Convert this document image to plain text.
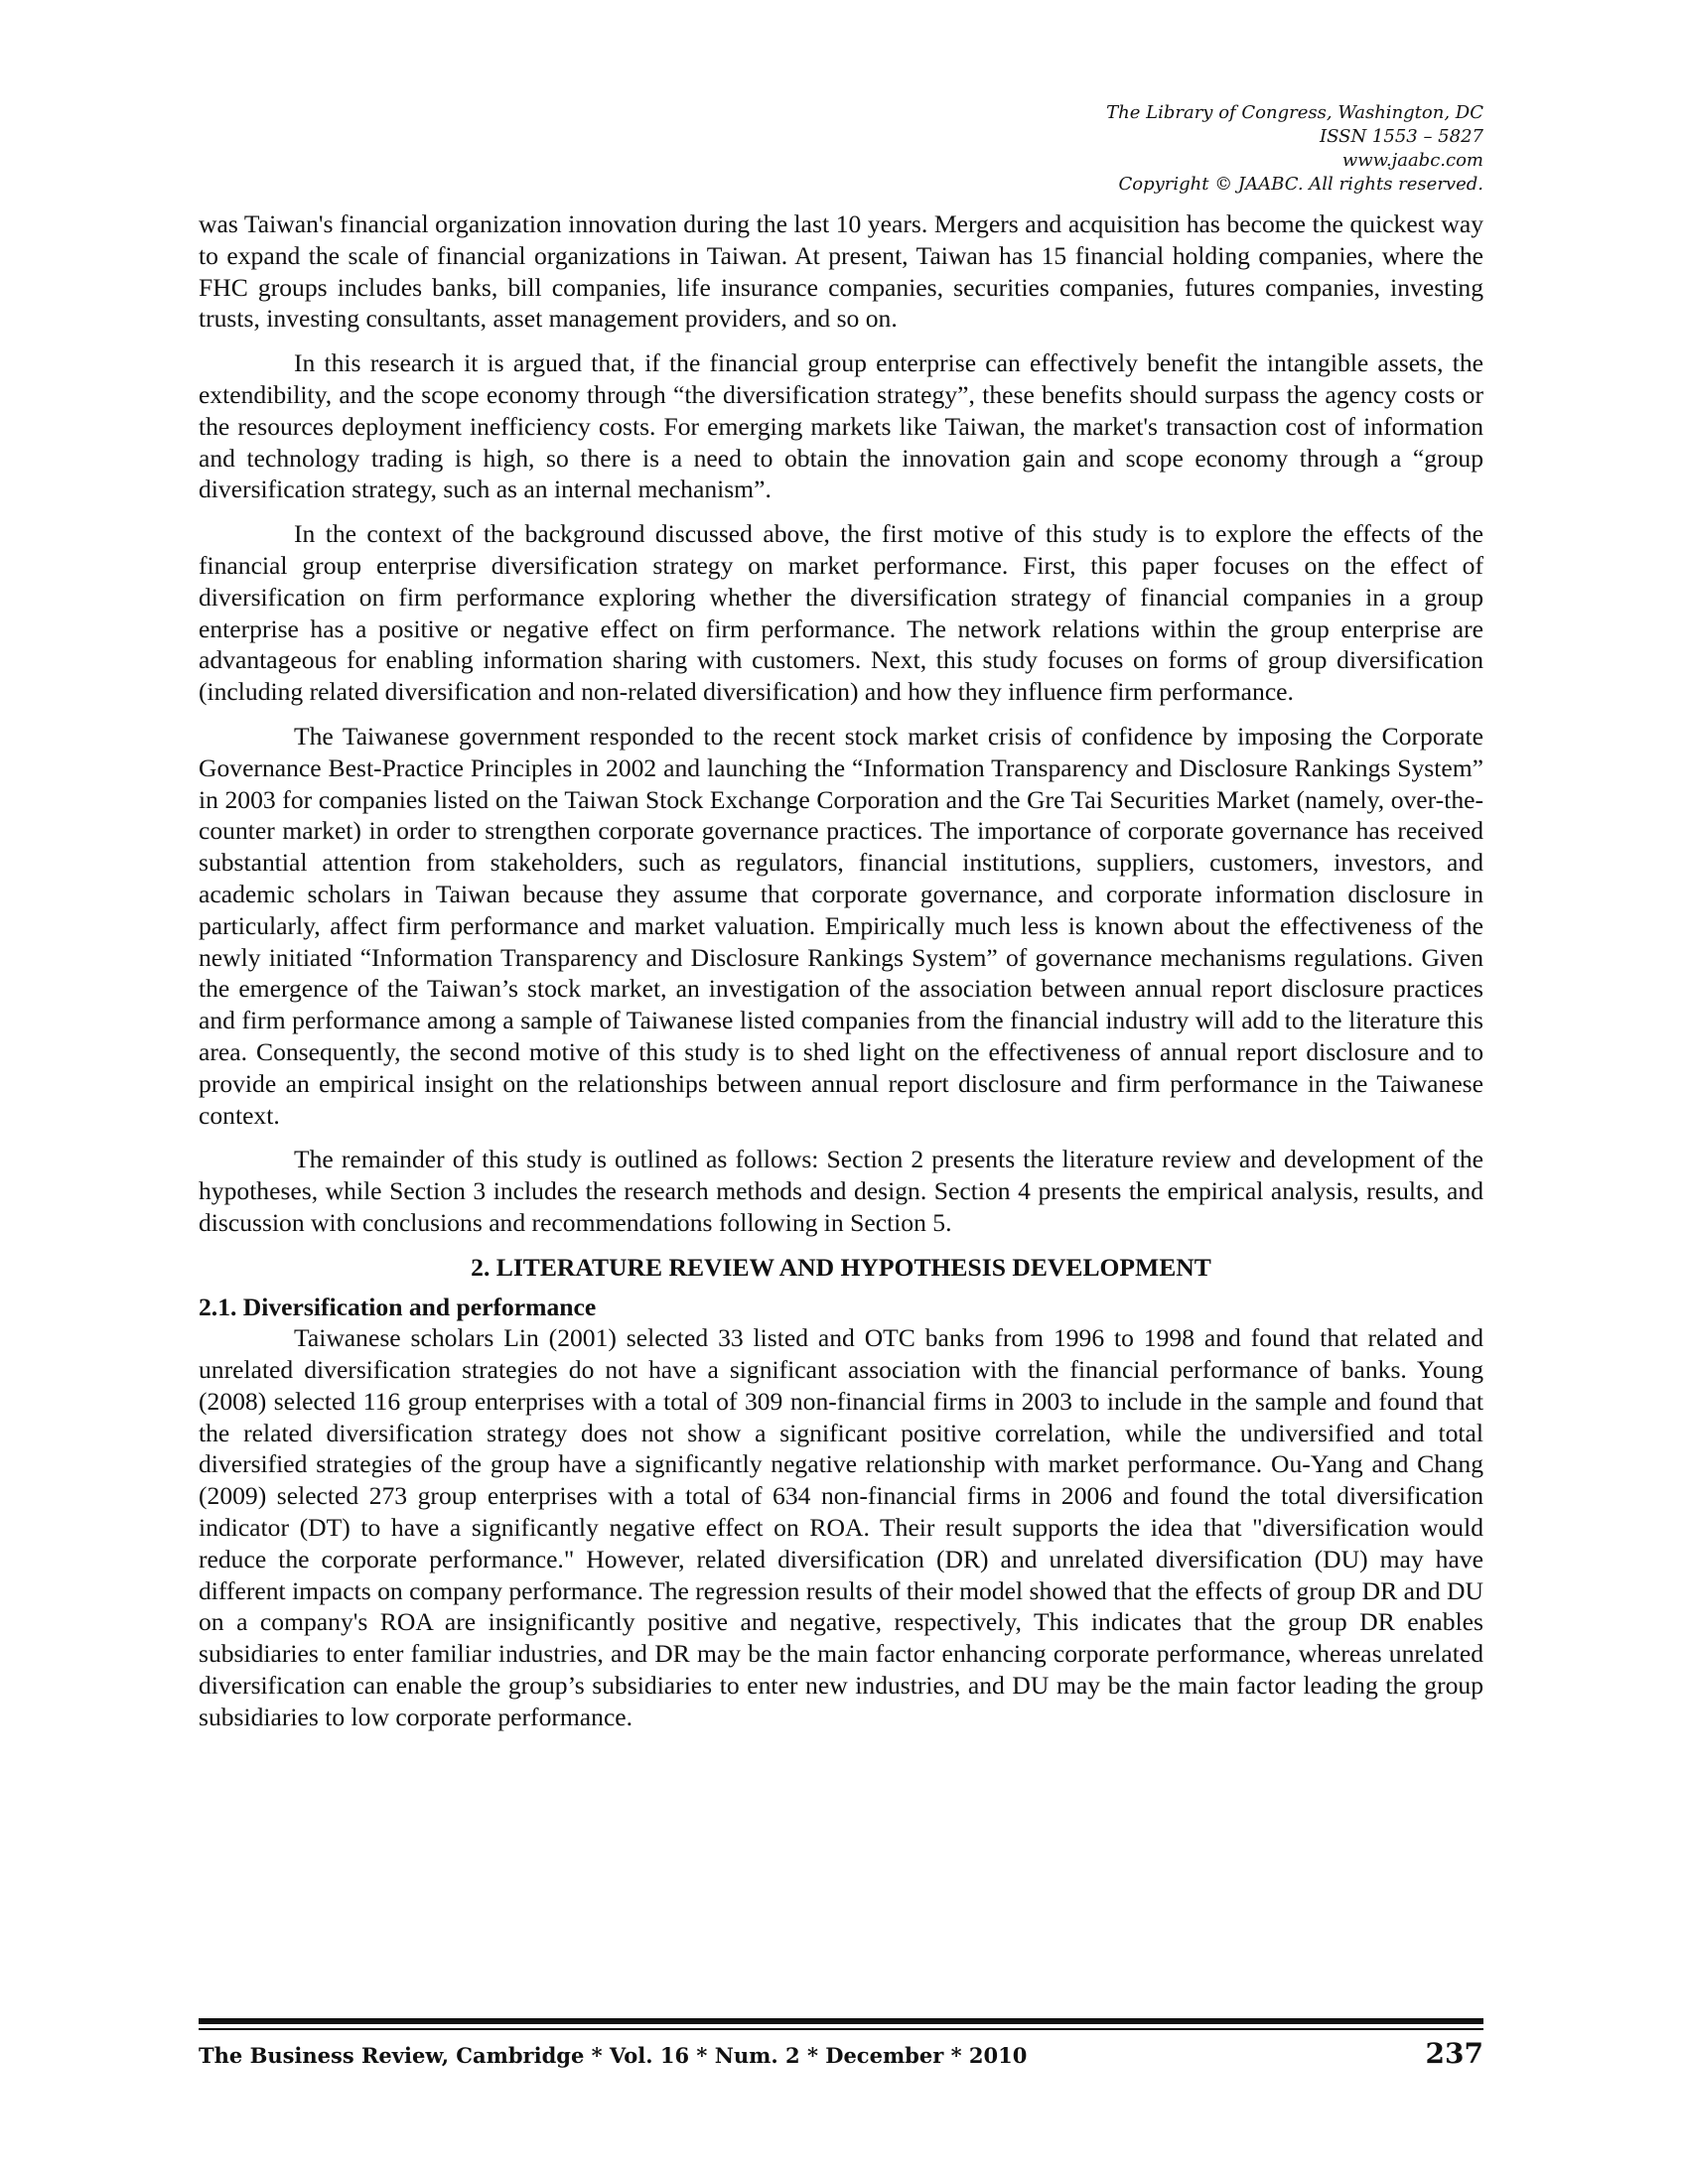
The Library of Congress, Washington, DC
ISSN 1553 – 5827
www.jaabc.com
Copyright © JAABC. All rights reserved.

was Taiwan's financial organization innovation during the last 10 years. Mergers and acquisition has become the quickest way to expand the scale of financial organizations in Taiwan. At present, Taiwan has 15 financial holding companies, where the FHC groups includes banks, bill companies, life insurance companies, securities companies, futures companies, investing trusts, investing consultants, asset management providers, and so on.

In this research it is argued that, if the financial group enterprise can effectively benefit the intangible assets, the extendibility, and the scope economy through “the diversification strategy”, these benefits should surpass the agency costs or the resources deployment inefficiency costs. For emerging markets like Taiwan, the market's transaction cost of information and technology trading is high, so there is a need to obtain the innovation gain and scope economy through a “group diversification strategy, such as an internal mechanism”.

In the context of the background discussed above, the first motive of this study is to explore the effects of the financial group enterprise diversification strategy on market performance. First, this paper focuses on the effect of diversification on firm performance exploring whether the diversification strategy of financial companies in a group enterprise has a positive or negative effect on firm performance. The network relations within the group enterprise are advantageous for enabling information sharing with customers. Next, this study focuses on forms of group diversification (including related diversification and non-related diversification) and how they influence firm performance.

The Taiwanese government responded to the recent stock market crisis of confidence by imposing the Corporate Governance Best-Practice Principles in 2002 and launching the “Information Transparency and Disclosure Rankings System” in 2003 for companies listed on the Taiwan Stock Exchange Corporation and the Gre Tai Securities Market (namely, over-the-counter market) in order to strengthen corporate governance practices. The importance of corporate governance has received substantial attention from stakeholders, such as regulators, financial institutions, suppliers, customers, investors, and academic scholars in Taiwan because they assume that corporate governance, and corporate information disclosure in particularly, affect firm performance and market valuation. Empirically much less is known about the effectiveness of the newly initiated “Information Transparency and Disclosure Rankings System” of governance mechanisms regulations. Given the emergence of the Taiwan’s stock market, an investigation of the association between annual report disclosure practices and firm performance among a sample of Taiwanese listed companies from the financial industry will add to the literature this area. Consequently, the second motive of this study is to shed light on the effectiveness of annual report disclosure and to provide an empirical insight on the relationships between annual report disclosure and firm performance in the Taiwanese context.

The remainder of this study is outlined as follows: Section 2 presents the literature review and development of the hypotheses, while Section 3 includes the research methods and design. Section 4 presents the empirical analysis, results, and discussion with conclusions and recommendations following in Section 5.

2. LITERATURE REVIEW AND HYPOTHESIS DEVELOPMENT
2.1. Diversification and performance

Taiwanese scholars Lin (2001) selected 33 listed and OTC banks from 1996 to 1998 and found that related and unrelated diversification strategies do not have a significant association with the financial performance of banks. Young (2008) selected 116 group enterprises with a total of 309 non-financial firms in 2003 to include in the sample and found that the related diversification strategy does not show a significant positive correlation, while the undiversified and total diversified strategies of the group have a significantly negative relationship with market performance. Ou-Yang and Chang (2009) selected 273 group enterprises with a total of 634 non-financial firms in 2006 and found the total diversification indicator (DT) to have a significantly negative effect on ROA. Their result supports the idea that "diversification would reduce the corporate performance." However, related diversification (DR) and unrelated diversification (DU) may have different impacts on company performance. The regression results of their model showed that the effects of group DR and DU on a company's ROA are insignificantly positive and negative, respectively, This indicates that the group DR enables subsidiaries to enter familiar industries, and DR may be the main factor enhancing corporate performance, whereas unrelated diversification can enable the group’s subsidiaries to enter new industries, and DU may be the main factor leading the group subsidiaries to low corporate performance.

The Business Review, Cambridge * Vol. 16 * Num. 2 * December * 2010	237
